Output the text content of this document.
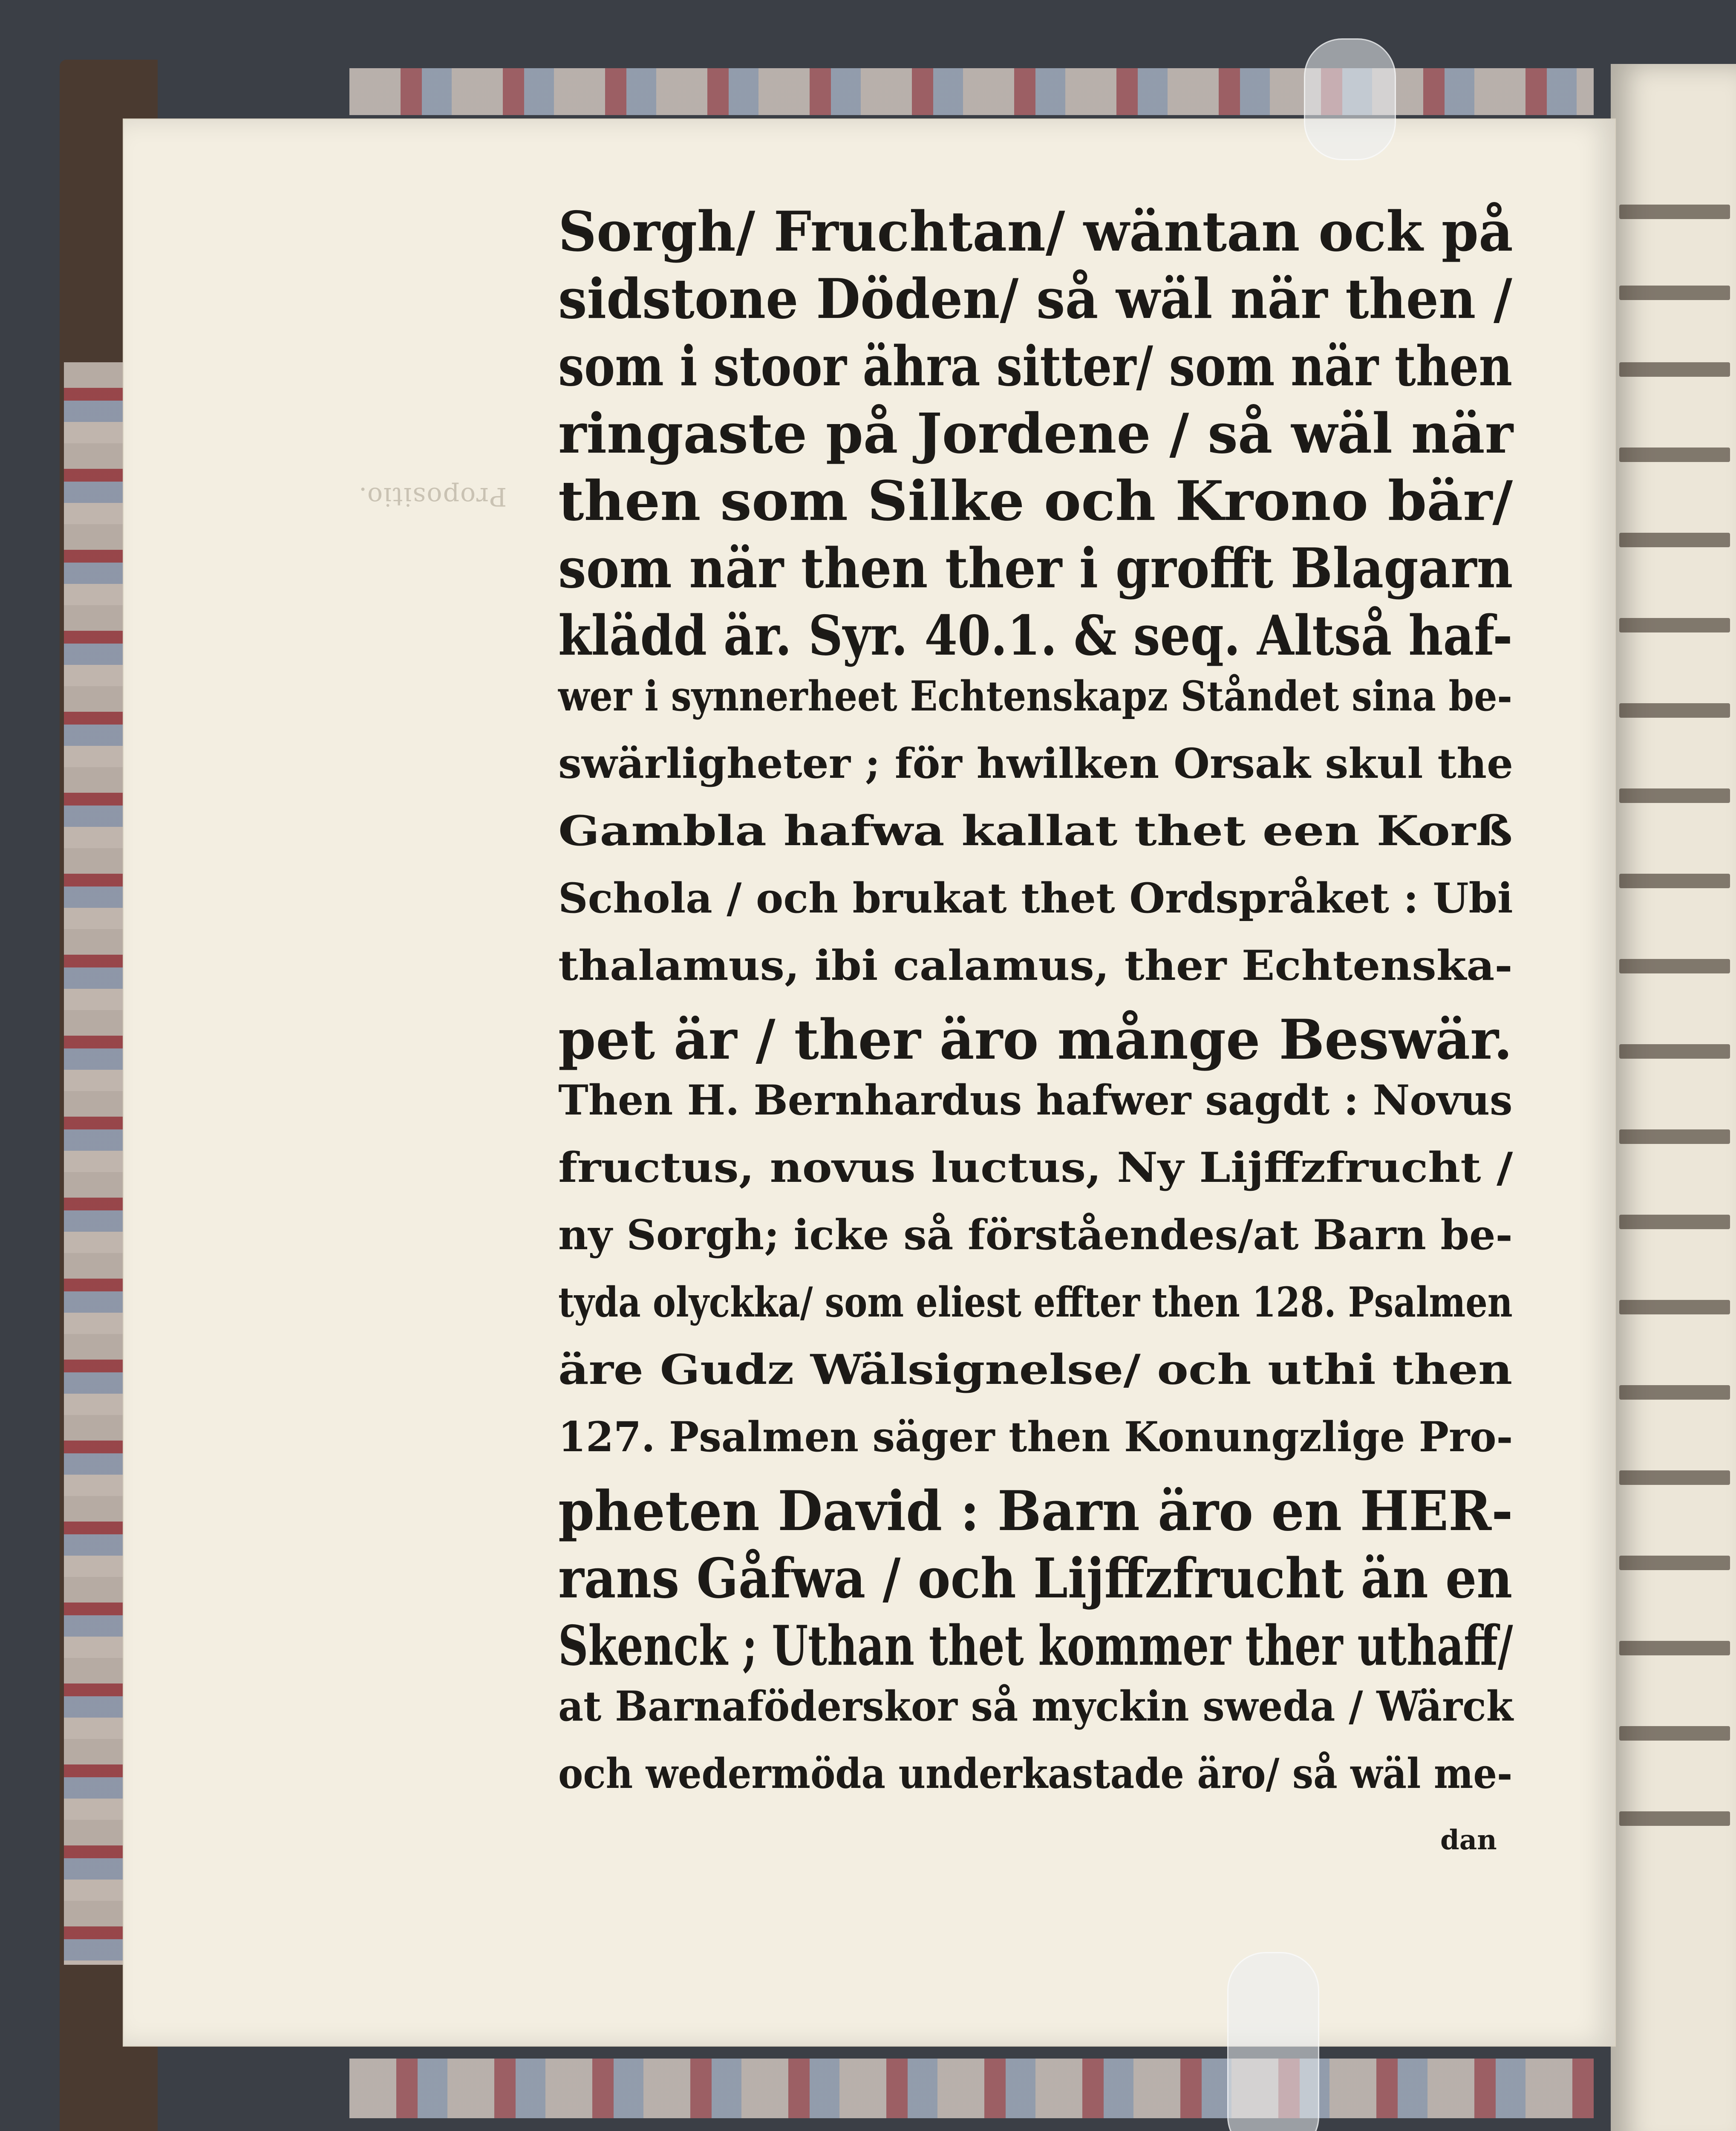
Propositio.
Sorgh/ Fruchtan/ wäntan ock på
sidstone Döden/ så wäl när then /
som i stoor ähra sitter/ som när then
ringaste på Jordene / så wäl när
then som Silke och Krono bär/
som när then ther i grofft Blagarn
klädd är. Syr. 40.1. & seq. Altså haf-
wer i synnerheet Echtenskapz Ståndet sina be-
swärligheter ; för hwilken Orsak skul the
Gambla hafwa kallat thet een Korß
Schola / och brukat thet Ordspråket : Ubi
thalamus, ibi calamus, ther Echtenska-
pet är / ther äro månge Beswär.
Then H. Bernhardus hafwer sagdt : Novus
fructus, novus luctus, Ny Lijffzfrucht /
ny Sorgh; icke så förståendes/at Barn be-
tyda olyckka/ som eliest effter then 128. Psalmen
äre Gudz Wälsignelse/ och uthi then
127. Psalmen säger then Konungzlige Pro-
pheten David : Barn äro en HER-
rans Gåfwa / och Lijffzfrucht än en
Skenck ; Uthan thet kommer ther uthaff/
at Barnaföderskor så myckin sweda / Wärck
och wedermöda underkastade äro/ så wäl me-
dan
